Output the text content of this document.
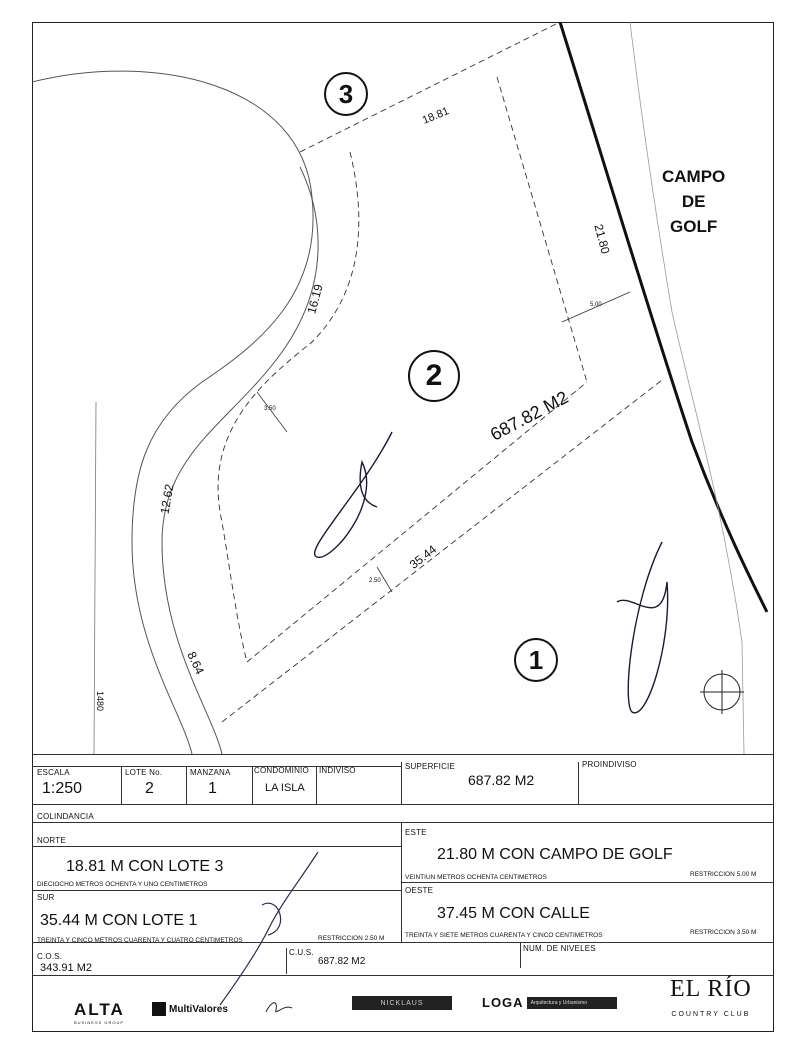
3
2
1
CAMPO
DE
GOLF
687.82 M2
18.81
21.80
5.00
16.19
3.50
12.62
35.44
2.50
8.64
1480
ESCALA
1:250
LOTE No.
2
MANZANA
1
CONDOMINIO
LA ISLA
INDIVISO	SUPERFICIE
687.82 M2
PROINDIVISO
COLINDANCIA
NORTE
18.81 M CON LOTE 3
DIECIOCHO METROS OCHENTA Y UNO CENTIMETROS
ESTE
21.80 M CON CAMPO DE GOLF
VEINTIUN METROS OCHENTA CENTIMETROS	RESTRICCION 5.00 M
SUR
35.44 M CON LOTE 1
TREINTA Y CINCO METROS CUARENTA Y CUATRO CENTIMETROS	RESTRICCION 2.50 M
OESTE
37.45 M CON CALLE
TREINTA Y SIETE METROS CUARENTA Y CINCO CENTIMETROS	RESTRICCION 3.50 M
C.O.S.
343.91 M2
C.U.S.
687.82 M2
NUM. DE NIVELES
ALTA
BUSINESS GROUP
MultiValores
NICKLAUS	LOGA	Arquitectura y Urbanismo
EL RÍO
COUNTRY CLUB
